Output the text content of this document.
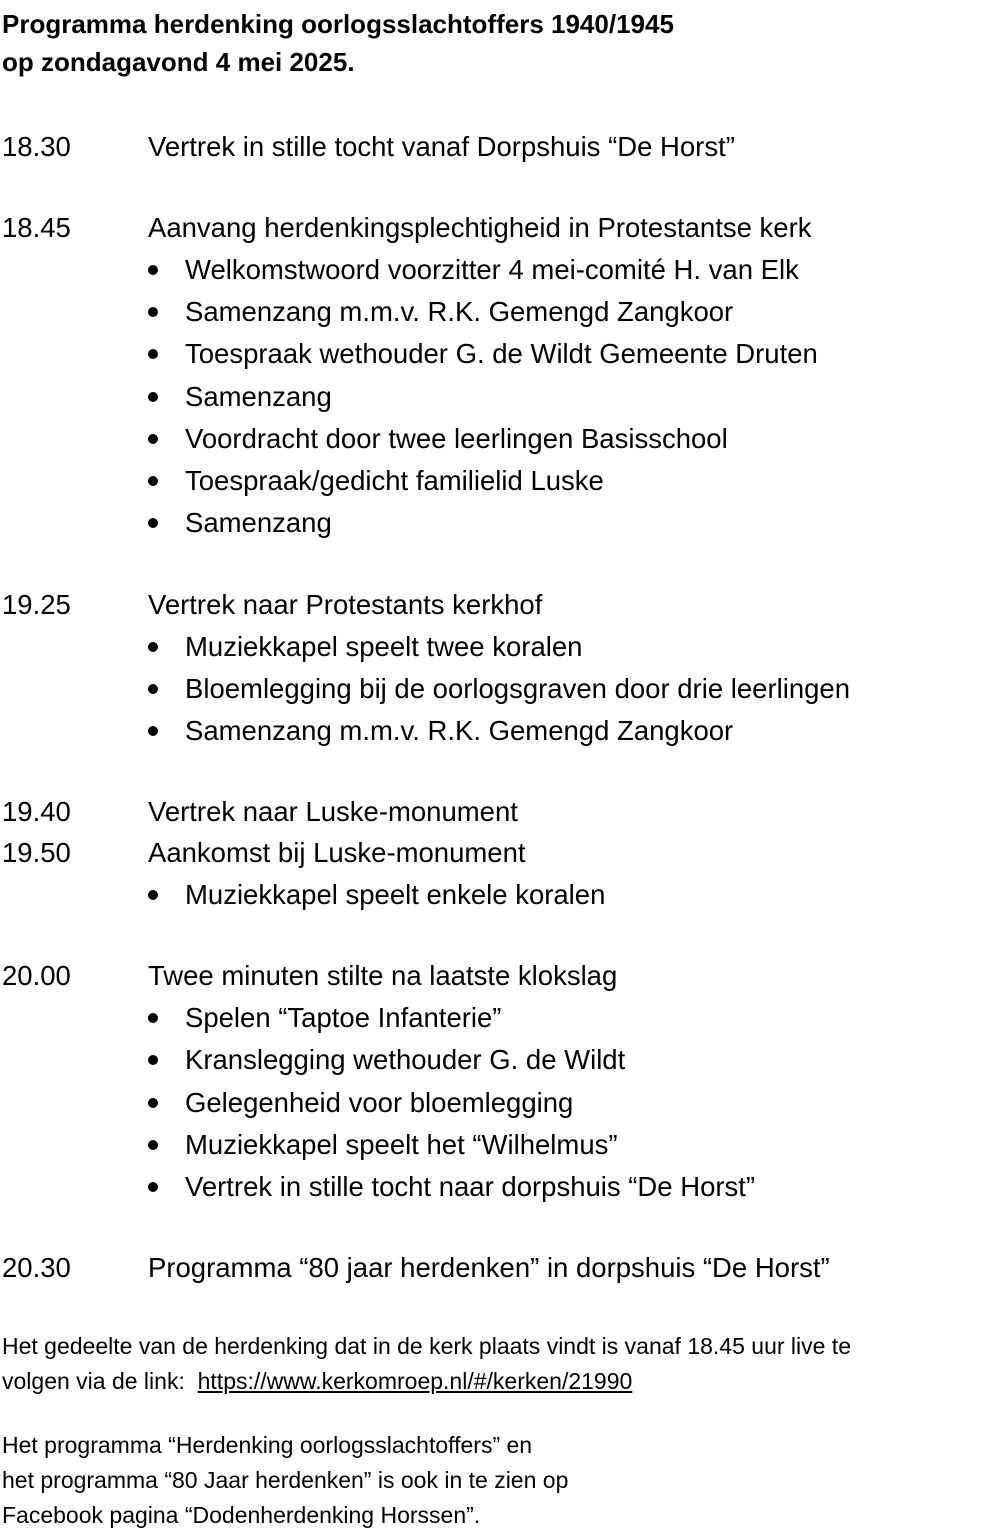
Programma herdenking oorlogsslachtoffers 1940/1945
op zondagavond 4 mei 2025.
18.30	Vertrek in stille tocht vanaf Dorpshuis “De Horst”
18.45	Aanvang herdenkingsplechtigheid in Protestantse kerk
Welkomstwoord voorzitter 4 mei-comité H. van Elk
Samenzang m.m.v. R.K. Gemengd Zangkoor
Toespraak wethouder G. de Wildt Gemeente Druten
Samenzang
Voordracht door twee leerlingen Basisschool
Toespraak/gedicht familielid Luske
Samenzang
19.25	Vertrek naar Protestants kerkhof
Muziekkapel speelt twee koralen
Bloemlegging bij de oorlogsgraven door drie leerlingen
Samenzang m.m.v. R.K. Gemengd Zangkoor
19.40	Vertrek naar Luske-monument
19.50	Aankomst bij Luske-monument
Muziekkapel speelt enkele koralen
20.00	Twee minuten stilte na laatste klokslag
Spelen “Taptoe Infanterie”
Kranslegging wethouder G. de Wildt
Gelegenheid voor bloemlegging
Muziekkapel speelt het “Wilhelmus”
Vertrek in stille tocht naar dorpshuis “De Horst”
20.30	Programma “80 jaar herdenken” in dorpshuis “De Horst”
Het gedeelte van de herdenking dat in de kerk plaats vindt is vanaf 18.45 uur live te
volgen via de link:  https://www.kerkomroep.nl/#/kerken/21990
Het programma “Herdenking oorlogsslachtoffers” en
het programma “80 Jaar herdenken” is ook in te zien op
Facebook pagina “Dodenherdenking Horssen”.
